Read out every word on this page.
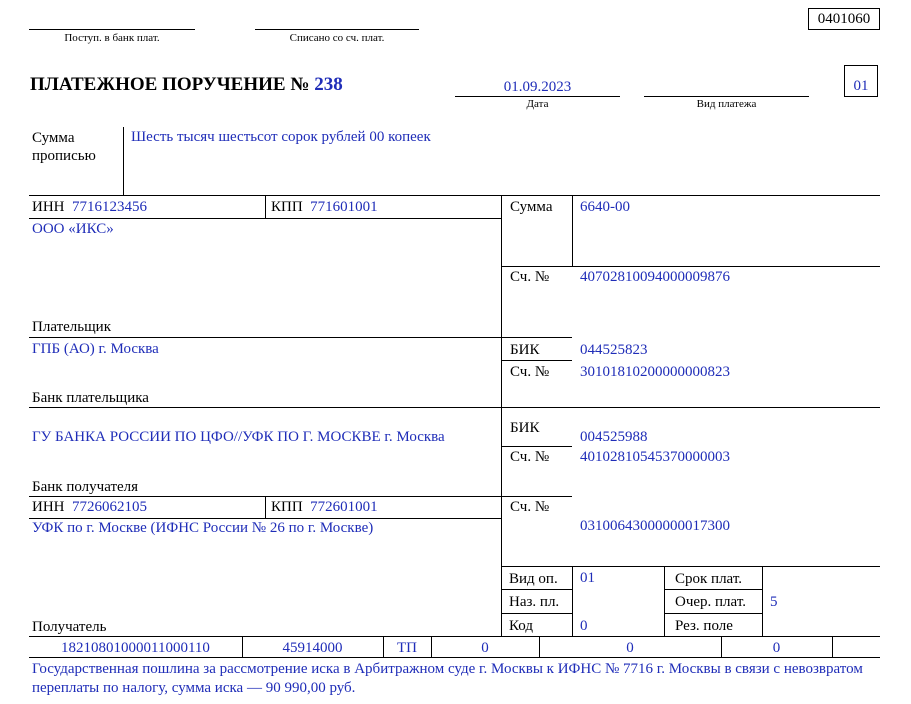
0401060
Поступ. в банк плат.	Списано со сч. плат.
ПЛАТЕЖНОЕ ПОРУЧЕНИЕ № 238	01.09.2023
Дата	Вид платежа
01
Сумма
прописью
Шесть тысяч шестьсот сорок рублей 00 копеек
ИНН 7716123456	КПП 771601001
ООО «ИКС»
Плательщик
Сумма 6640-00
Сч. № 40702810094000009876
ГПБ (АО) г. Москва
Банк плательщика
БИК	044525823
Сч. № 30101810200000000823
ГУ БАНКА РОССИИ ПО ЦФО//УФК ПО Г. МОСКВЕ г. Москва
Банк получателя
БИК
004525988
Сч. № 40102810545370000003
ИНН 7726062105	КПП 772601001
УФК по г. Москве (ИФНС России № 26 по г. Москве)
Получатель
Сч. №
03100643000000017300
Вид оп. 01
Наз. пл.
Код	0
Срок плат.
Очер. плат. 5
Рез. поле
18210801000011000110	45914000	ТП	0	0	0
Государственная пошлина за рассмотрение иска в Арбитражном суде г. Москвы к ИФНС № 7716 г. Москвы в связи с невозвратом переплаты по налогу, сумма иска — 90 990,00 руб.
